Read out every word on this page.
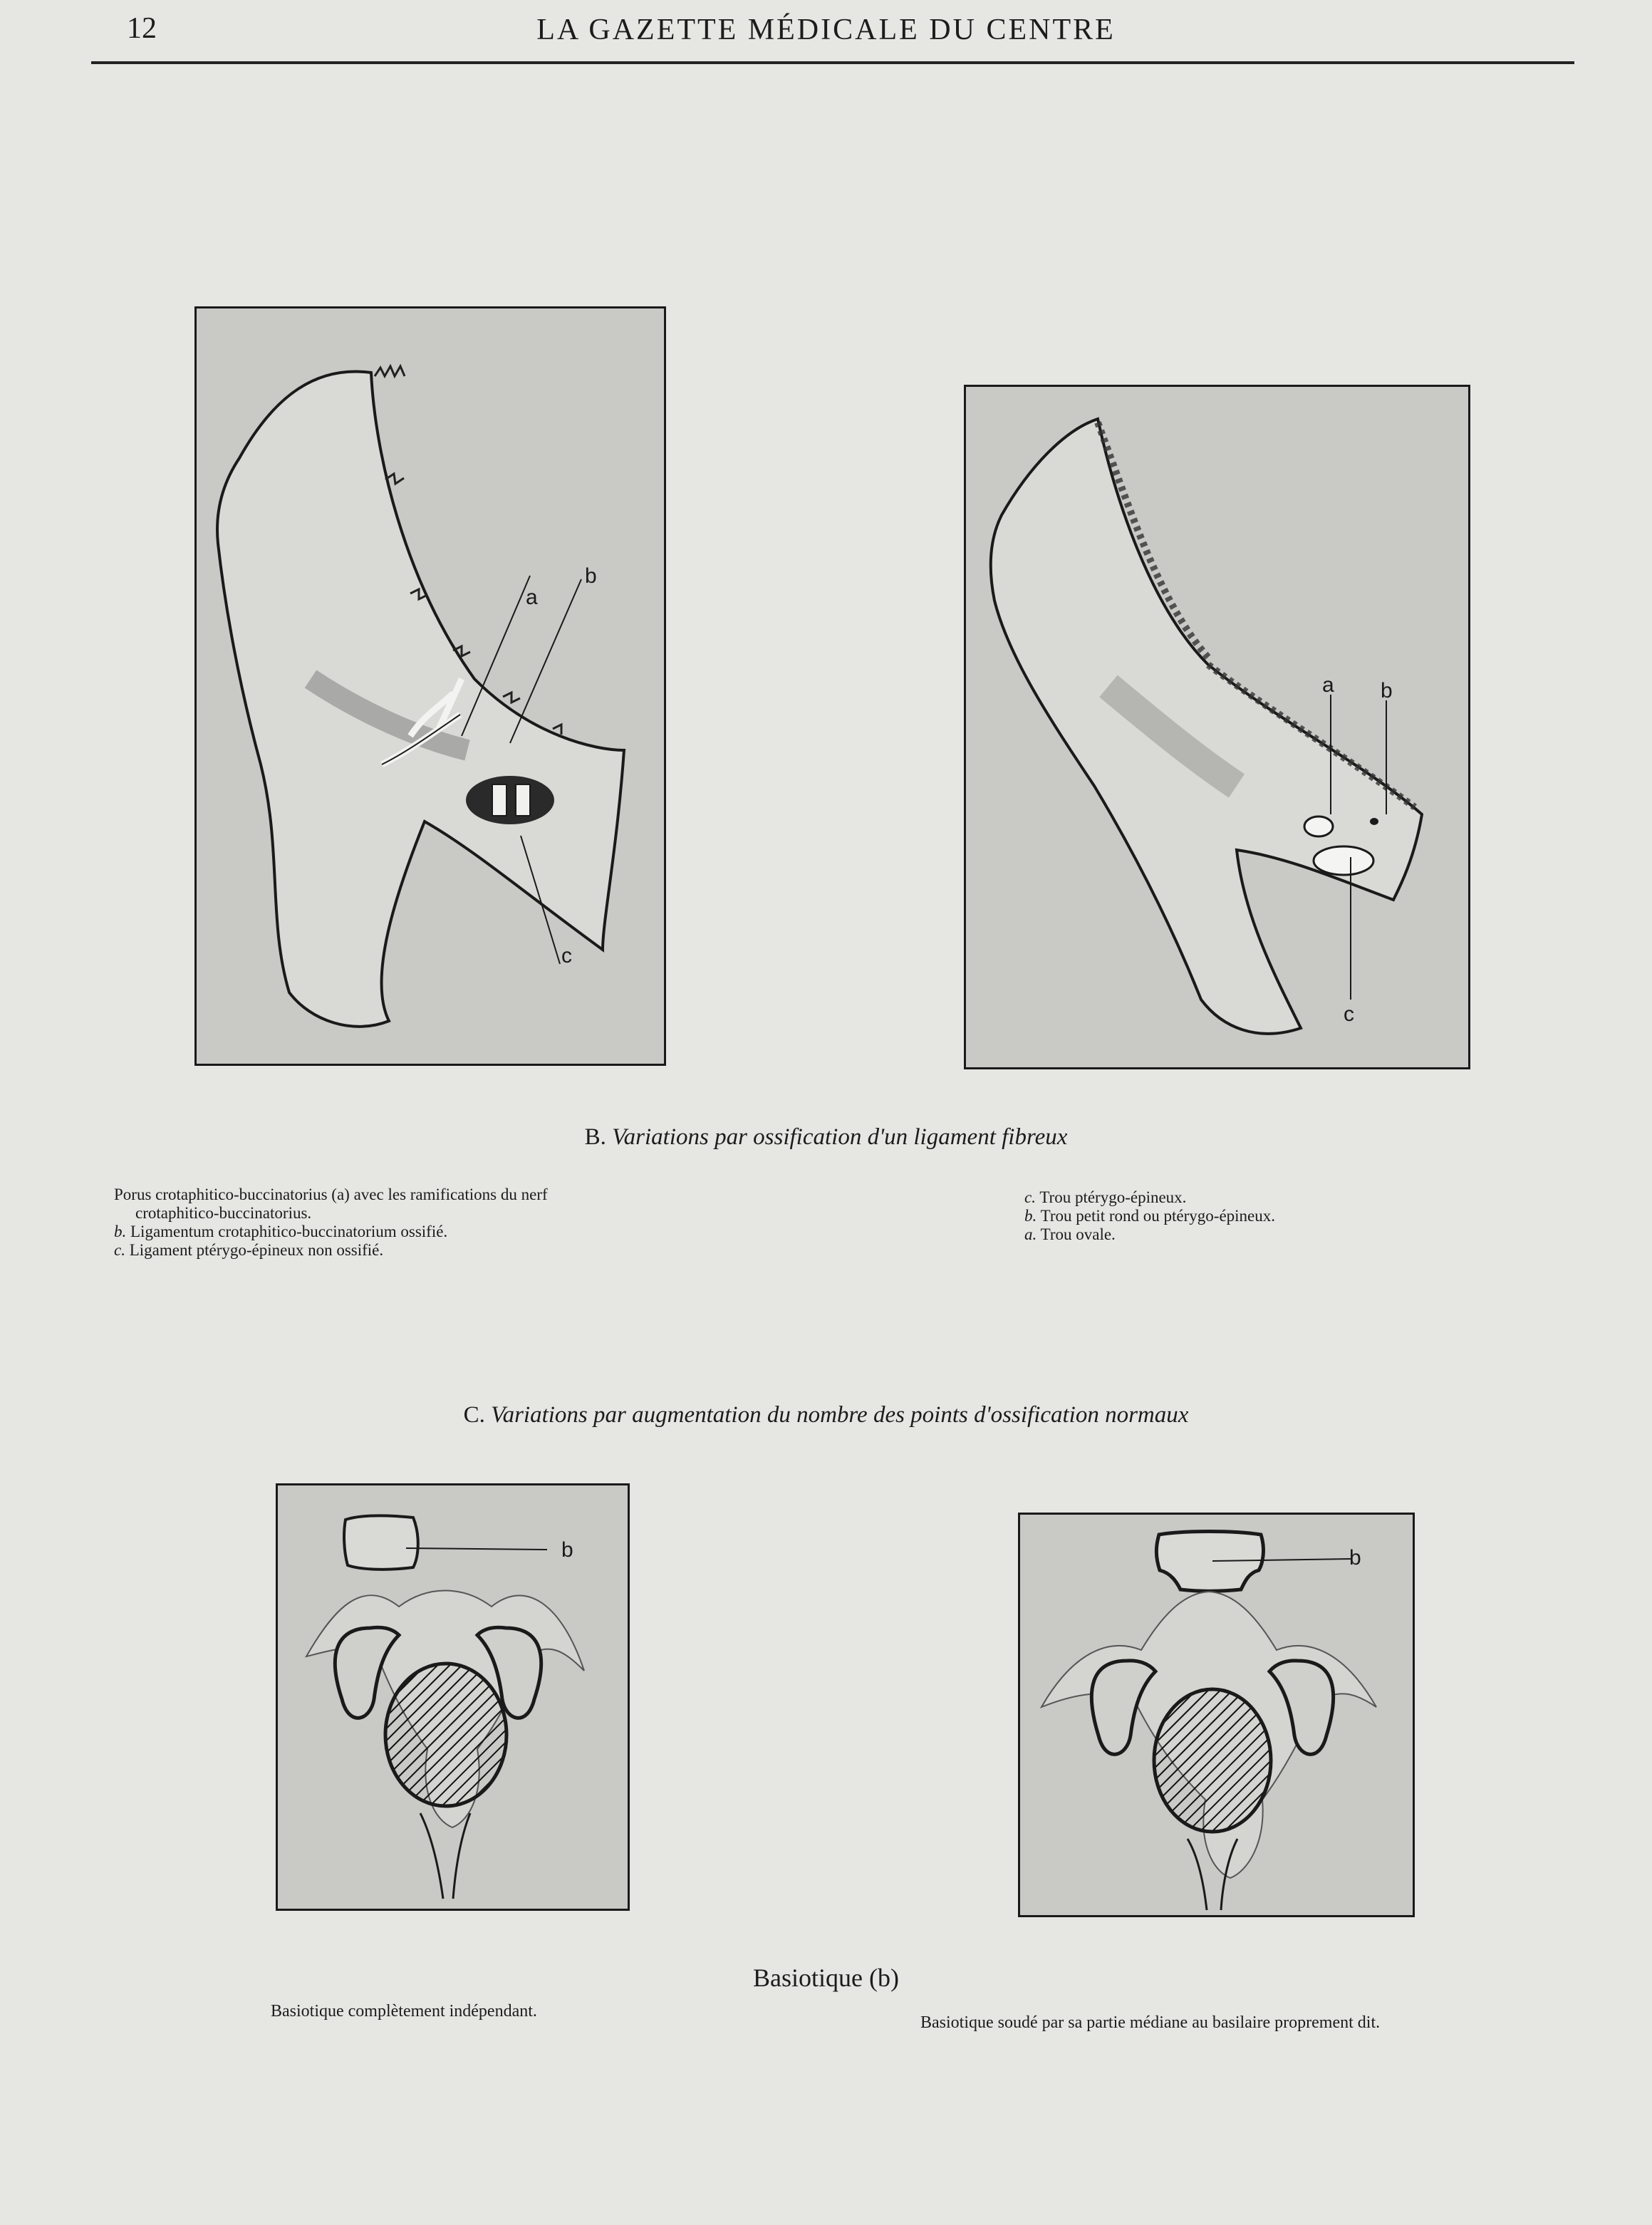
12	LA GAZETTE MÉDICALE DU CENTRE
a
b
c
a b
c
B. Variations par ossification d'un ligament fibreux
Porus crotaphitico-buccinatorius (a) avec les ramifications du nerf
crotaphitico-buccinatorius.
b. Ligamentum crotaphitico-buccinatorium ossifié.
c. Ligament ptérygo-épineux non ossifié.
c. Trou ptérygo-épineux.
b. Trou petit rond ou ptérygo-épineux.
a. Trou ovale.
C. Variations par augmentation du nombre des points d'ossification normaux
b	b
Basiotique (b)
Basiotique complètement indépendant.
Basiotique soudé par sa partie médiane au basilaire proprement dit.
